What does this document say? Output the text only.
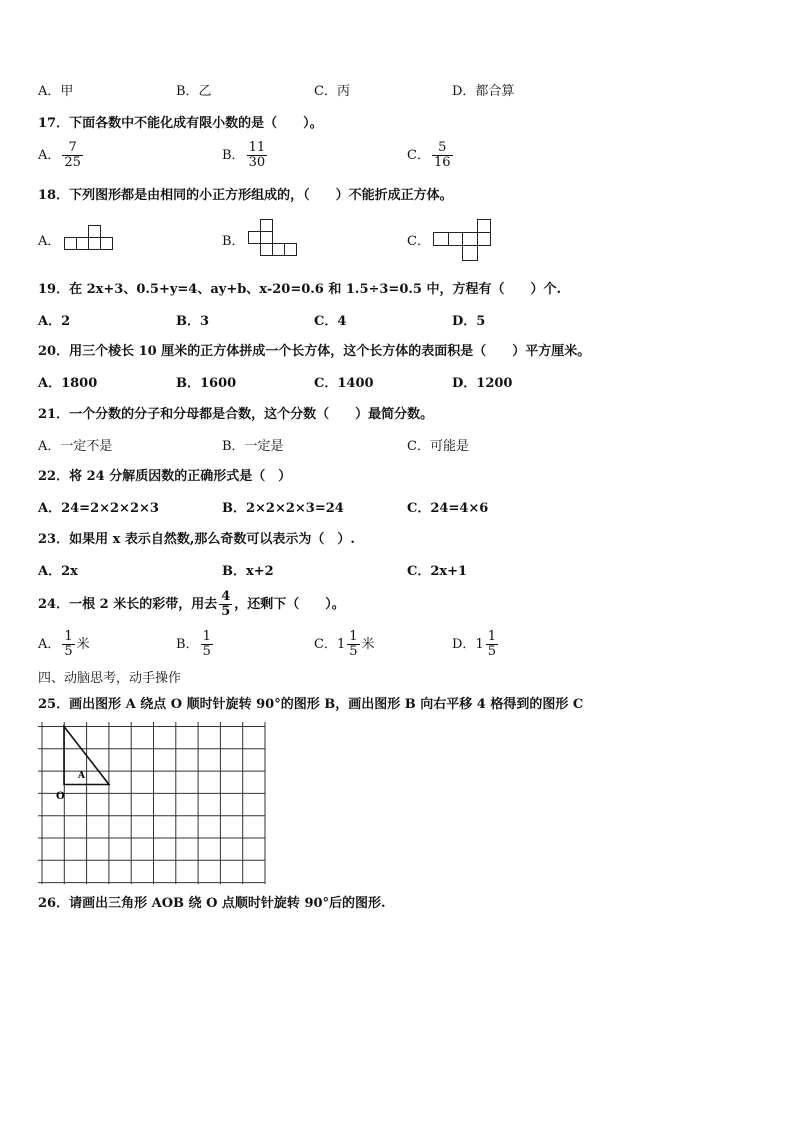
A．甲	B．乙	C．丙	D．都合算
17．下面各数中不能化成有限小数的是（　　）。
A． $\frac{7}{25}$	B． $\frac{11}{30}$	C． $\frac{5}{16}$
18．下列图形都是由相同的小正方形组成的，（　　）不能折成正方体。
A．	B．	C．
19．在 2x+3、0.5+y=4、ay+b、x-20=0.6 和 1.5÷3=0.5 中，方程有（　　）个.
A．2	B．3	C．4	D．5
20．用三个棱长 10 厘米的正方体拼成一个长方体，这个长方体的表面积是（　　）平方厘米。
A．1800	B．1600	C．1400	D．1200
21．一个分数的分子和分母都是合数，这个分数（　　）最简分数。
A．一定不是	B．一定是	C．可能是
22．将 24 分解质因数的正确形式是（　）
A．24=2×2×2×3	B．2×2×2×3=24	C．24=4×6
23．如果用 x 表示自然数,那么奇数可以表示为（　）.
A．2x	B．x+2	C．2x+1
24．一根 2 米长的彩带，用去 $\frac{4}{5}$ ，还剩下（　　）。
A． $\frac{1}{5}$ 米	B． $\frac{1}{5}$	C． $1 \frac{1}{5}$ 米	D． $1 \frac{1}{5}$
四、动脑思考，动手操作
25．画出图形 A 绕点 O 顺时针旋转 90°的图形 B，画出图形 B 向右平移 4 格得到的图形 C
A
O
26．请画出三角形 AOB 绕 O 点顺时针旋转 90°后的图形.
